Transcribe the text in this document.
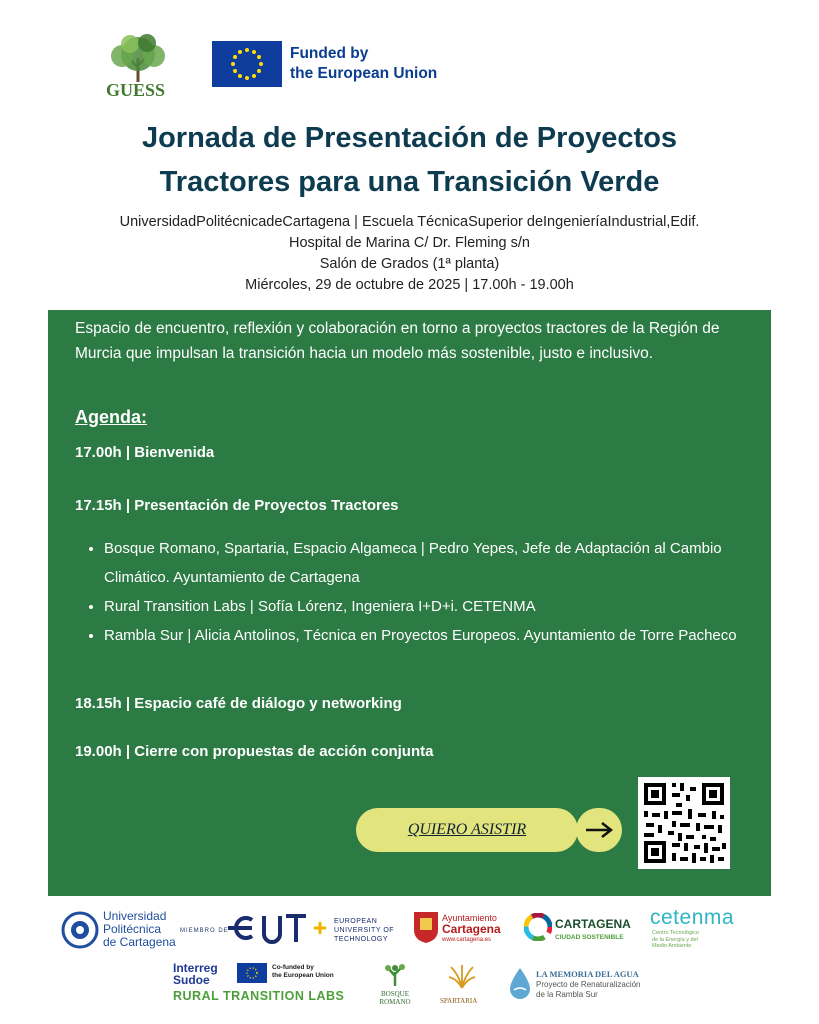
GUESS
Funded by
the European Union
Jornada de Presentación de Proyectos
Tractores para una Transición Verde
UniversidadPolitécnicadeCartagena | Escuela TécnicaSuperior deIngenieríaIndustrial,Edif.
Hospital de Marina C/ Dr. Fleming s/n
Salón de Grados (1ª planta)
Miércoles, 29 de octubre de 2025 | 17.00h - 19.00h
Espacio de encuentro, reflexión y colaboración en torno a proyectos tractores de la Región de Murcia que impulsan la transición hacia un modelo más sostenible, justo e inclusivo.
Agenda:
17.00h | Bienvenida
17.15h | Presentación de Proyectos Tractores
• Bosque Romano, Spartaria, Espacio Algameca | Pedro Yepes, Jefe de Adaptación al Cambio Climático. Ayuntamiento de Cartagena
• Rural Transition Labs | Sofía Lórenz, Ingeniera I+D+i. CETENMA
• Rambla Sur | Alicia Antolinos, Técnica en Proyectos Europeos. Ayuntamiento de Torre Pacheco
18.15h | Espacio café de diálogo y networking
19.00h | Cierre con propuestas de acción conjunta
QUIERO ASISTIR
Universidad
Politécnica
de Cartagena
MIEMBRO DE
EUROPEAN
UNIVERSITY OF
TECHNOLOGY
Ayuntamiento
Cartagena
www.cartagena.es
CARTAGENA
CIUDAD SOSTENIBLE
cetenma
Centro Tecnológico
de la Energía y del
Medio Ambiente
Interreg
Sudoe
Co-funded by
the European Union
RURAL TRANSITION LABS	BOSQUE
ROMANO	SPARTARIA
LA MEMORIA DEL AGUA
Proyecto de Renaturalización
de la Rambla Sur
